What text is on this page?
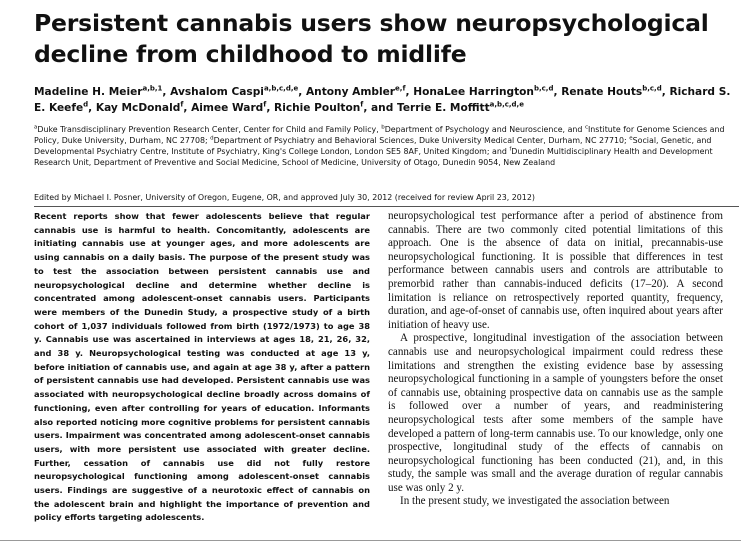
Persistent cannabis users show neuropsychological decline from childhood to midlife

Madeline H. Meier$^{a,b,1}$, Avshalom Caspi$^{a,b,c,d,e}$, Antony Ambler$^{e,f}$, HonaLee Harrington$^{b,c,d}$, Renate Houts$^{b,c,d}$, Richard S. E. Keefe$^d$, Kay McDonald$^f$, Aimee Ward$^f$, Richie Poulton$^f$, and Terrie E. Moffitt$^{a,b,c,d,e}$

$^a$Duke Transdisciplinary Prevention Research Center, Center for Child and Family Policy, $^b$Department of Psychology and Neuroscience, and $^c$Institute for Genome Sciences and Policy, Duke University, Durham, NC 27708; $^d$Department of Psychiatry and Behavioral Sciences, Duke University Medical Center, Durham, NC 27710; $^e$Social, Genetic, and Developmental Psychiatry Centre, Institute of Psychiatry, King's College London, London SE5 8AF, United Kingdom; and $^f$Dunedin Multidisciplinary Health and Development Research Unit, Department of Preventive and Social Medicine, School of Medicine, University of Otago, Dunedin 9054, New Zealand

Edited by Michael I. Posner, University of Oregon, Eugene, OR, and approved July 30, 2012 (received for review April 23, 2012)

Recent reports show that fewer adolescents believe that regular cannabis use is harmful to health. Concomitantly, adolescents are initiating cannabis use at younger ages, and more adolescents are using cannabis on a daily basis. The purpose of the present study was to test the association between persistent cannabis use and neuropsychological decline and determine whether decline is concentrated among adolescent-onset cannabis users. Participants were members of the Dunedin Study, a prospective study of a birth cohort of 1,037 individuals followed from birth (1972/1973) to age 38 y. Cannabis use was ascertained in interviews at ages 18, 21, 26, 32, and 38 y. Neuropsychological testing was conducted at age 13 y, before initiation of cannabis use, and again at age 38 y, after a pattern of persistent cannabis use had developed. Persistent cannabis use was associated with neuropsychological decline broadly across domains of functioning, even after controlling for years of education. Informants also reported noticing more cognitive problems for persistent cannabis users. Impairment was concentrated among adolescent-onset cannabis users, with more persistent use associated with greater decline. Further, cessation of cannabis use did not fully restore neuropsychological functioning among adolescent-onset cannabis users. Findings are suggestive of a neurotoxic effect of cannabis on the adolescent brain and highlight the importance of prevention and policy efforts targeting adolescents.

neuropsychological test performance after a period of abstinence from cannabis. There are two commonly cited potential limitations of this approach. One is the absence of data on initial, precannabis-use neuropsychological functioning. It is possible that differences in test performance between cannabis users and controls are attributable to premorbid rather than cannabis-induced deficits (17–20). A second limitation is reliance on retrospectively reported quantity, frequency, duration, and age-of-onset of cannabis use, often inquired about years after initiation of heavy use.

A prospective, longitudinal investigation of the association between cannabis use and neuropsychological impairment could redress these limitations and strengthen the existing evidence base by assessing neuropsychological functioning in a sample of youngsters before the onset of cannabis use, obtaining prospective data on cannabis use as the sample is followed over a number of years, and readministering neuropsychological tests after some members of the sample have developed a pattern of long-term cannabis use. To our knowledge, only one prospective, longitudinal study of the effects of cannabis on neuropsychological functioning has been conducted (21), and, in this study, the sample was small and the average duration of regular cannabis use was only 2 y.

In the present study, we investigated the association between
